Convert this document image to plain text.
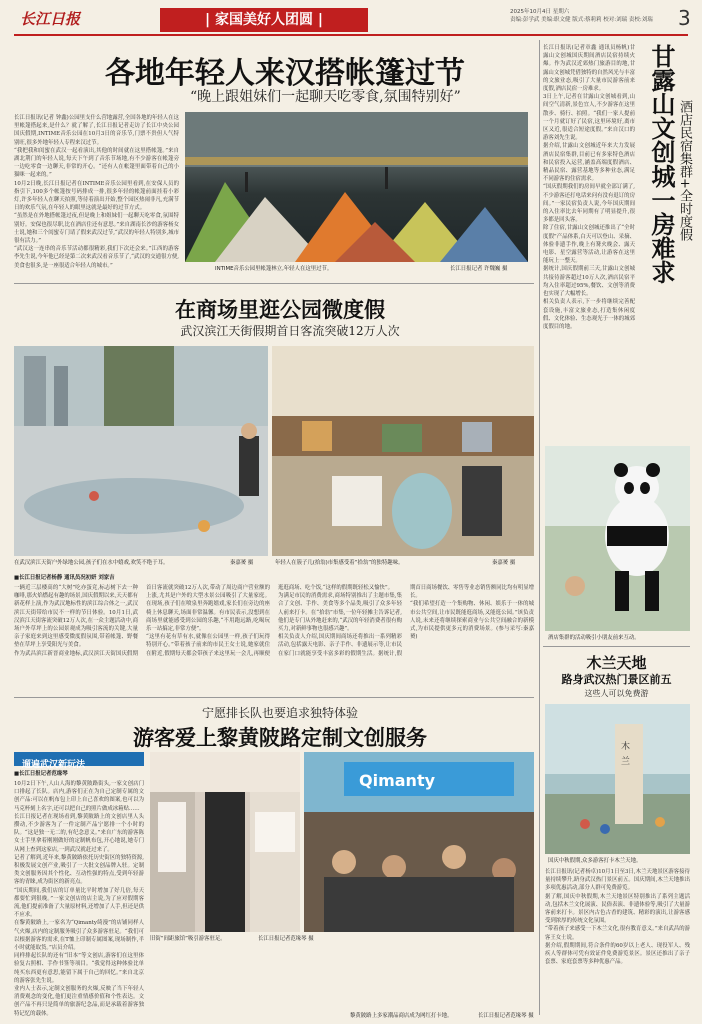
长江日报	| 家国美好人团圆 |	2025年10月4日 星期六
责编:彭学武 美编:职文健 版式:蔡莉莉 校对:刘瑞 责校:刘瑞	3
各地年轻人来汉搭帐篷过节
“晚上跟姐妹们一起聊天吃零食,氛围特别好”
长江日报讯(记者 钟鑫)公园里支什么营地露营,全国各地的年轻人在这里帐篷搭起来,是什么？就了解了,长江日报记者走访了长江中央公园国庆假期,INTIME音乐公园在10月3日的音乐节,门票不贵但人气特别旺,很多外地年轻人专程来汉过节。
“我把我和闺蜜在武汉一起看演出,其他的时间就在这里搭帐篷。”来自湖北荆门的年轻人说,每天下午到了音乐节场地,有不少游客在帐篷旁一边吃零食一边聊天,非常的开心。“还有人在帐篷里面带着自己的小猫咪一起来的。”
10月2日晚,长江日报记者在INTIME音乐公园里看到,在安保人员的指引下,100多个帐篷按号码排成一排,很多年轻的帐篷前面挂着小彩灯,许多年轻人在聊天拍照,等待着演出开始,整个园区热闹非凡,充满节日的欢乐气氛,在年轻人的眼里这就是最好的过节方式。
“虽然是在外地搭帐篷过夜,但是晚上和姐妹们一起聊天吃零食,氛围特别好。安保也很尽职,比在酒店住还有意思。”来自湖南长沙的游客杨女士说,她和三个闺蜜专门请了假来武汉过节,“武汉的年轻人特别多,城市很有活力。”
“武汉这一连串的音乐节活动都很精彩,我们下次还会来。”江西的游客李先生说,今年他已经是第二次来武汉看音乐节了,“武汉的交通很方便,美食也很多,是一座很适合年轻人的城市。”
INTIME音乐公园里帐篷林立,年轻人在这里过节。	长江日报记者 许魏巍 摄
在商场里逛公园微度假
武汉滨江天街假期首日客流突破12万人次
在武汉滨江天街户外绿地公园,孩子们在水中嬉戏,欢笑不绝于耳。	秦嘉赟 摄	年轻人在簇子几(拾翁)市集感受着“拾翁”的独特趣味。	秦嘉赟 摄
■长江日报记者杨静 通讯员况初妍 刘家吉
一辆近三层楼高的“大树”吃亦蛋竞,标志树下去一种咖啡,那火焰燃起有趣的场景,国庆假期以来,天天都有新花样上演,作为武汉地标性的滨江综合体之一,武汉滨江天街带给市民不一样的节日体验。10月1日,武汉滨江天街客流突破12万人次,在一众主题活动中,商场户外草坪上的公园景观成为吸引客流的关键,大量亲子家庭来到这里感受微度假氛围,带着帐篷、野餐垫在草坪上享受阳光与美食。
作为武昌滨江新晋商业地标,武汉滨江天街国庆假期首日客流就突破12万人次,带动了周边商户营业额的上涨,尤其是户外的大型水景公园吸引了大量家庭。在现场,孩子们在喷泉里奔跑嬉戏,家长们在旁边的座椅上休息聊天,场面非常温馨。有市民表示,没想到在商场里就能感受到公园的乐趣,“不用跑远路,吃喝玩乐一站搞定,非常方便”。
“这里有花有草有水,就像在公园里一样,孩子们玩得特别开心。”带着孩子前来的市民王女士说,她家就住在附近,假期每天都会带孩子来这里玩一会儿,再顺便逛逛商场、吃个饭,“这样的假期既轻松又愉快”。
为满足市民的消费需求,商场特别推出了主题市集,集合了文创、手作、美食等多个品类,吸引了众多年轻人前来打卡。在“拾翁”市集,一位年轻摊主告诉记者,他们是专门从外地赶来的,“武汉的年轻消费者很有购买力,对新鲜事物也很感兴趣”。
相关负责人介绍,国庆期间商场还将推出一系列精彩活动,包括露天电影、亲子手作、非遗展示等,让市民在家门口就能享受丰富多彩的假期生活。据统计,假期首日商场餐饮、零售等业态销售额同比均有明显增长。
“我们希望打造一个集购物、休闲、娱乐于一体的城市公共空间,让市民既能逛商场,又能逛公园。”该负责人说,未来还将继续探索商业与公共空间融合的新模式,为市民提供更多元的消费场景。(参与采写:秦嘉赟)
宁愿排长队也要追求独特体验
游客爱上黎黄陂路定制文创服务
遛遍武汉新玩法
■长江日报记者范缘琴
10月2日下午,人山人海的黎黄陂路街头,一家文创店门口排起了长队。店内,游客们正在为自己定制专属的文创产品:可以在帆布包上印上自己喜欢的图案,也可以为马克杯刻上名字,还可以把自己的照片做成冰箱贴……
长江日报记者在现场看到,黎黄陂路上的文创店里人头攒动,不少游客为了一件定制产品宁愿排一个小时的队。“这是独一无二的,有纪念意义。”来自广东的游客陈女士手里拿着刚刚做好的定制帆布包,开心地说,她专门从网上查到这家店,一到武汉就赶过来了。
记者了解到,近年来,黎黄陂路依托历史街区的独特资源,积极发展文创产业,吸引了一大批文创品牌入驻。定制类文创服务因其个性化、互动性强的特点,受到年轻游客的青睐,成为街区的新亮点。
“国庆期间,我们店的订单量比平时增加了好几倍,每天都要忙到很晚。”一家文创店的店主说,为了应对假期客流,他们提前准备了大量原材料,还增加了人手,但还是供不应求。
在黎黄陂路上,一家名为“Qimanty绮漫”的店铺同样人气火爆,店内的定制服务吸引了众多游客驻足。“我们可以根据游客的需求,在T恤上印制专属图案,现场制作,半小时就能取货。”店员介绍。
同样排起长队的还有“旧本”等文创店,游客们在这里体验复古照相、手作书签等项目。“我觉得这种体验比单纯买东西更有意思,能留下属于自己的回忆。”来自北京的游客张先生说。
业内人士表示,定制文创服务的火爆,反映了当下年轻人消费观念的变化,他们更注重情感价值和个性表达。文创产品不再只是简单的旅游纪念品,而是承载着游客独特记忆的载体。
Qimanty
旧街“间距旅馆”吸引游客驻足。	长江日报记者范缘琴 摄
黎黄陂路上多家潮品商店成为网红打卡地。	长江日报记者范缘琴 摄
长江日报讯(记者章鑫 通讯员杨帆)甘露山文创城国庆期间酒店民宿持续火爆。作为武汉近郊热门旅游目的地,甘露山文创城凭借独特的自然风光与丰富的文旅业态,吸引了大量市民游客前来度假,酒店民宿一房难求。
3日上午,记者在甘露山文创城看到,山间空气清新,景色宜人,不少游客在这里散步、骑行、拍照。“我们一家人提前一个月就订好了民宿,这里环境好,离市区又近,很适合短途度假。”来自汉口的游客刘先生说。
据介绍,甘露山文创城近年来大力发展酒店民宿集群,目前已有多家特色酒店和民宿投入运营,涵盖高端度假酒店、精品民宿、露营基地等多种业态,满足不同游客的住宿需求。
“国庆假期我们的房间早就全部订满了,不少游客还打电话来问有没有退订的房间。”一家民宿负责人说,今年国庆期间的入住率比去年同期有了明显提升,很多都是回头客。
除了住宿,甘露山文创城还推出了“全时度假”产品体系,白天可以登山、采摘、体验非遗手作,晚上有篝火晚会、露天电影、星空露营等活动,让游客在这里能玩上一整天。
据统计,国庆假期前三天,甘露山文创城共接待游客超过10万人次,酒店民宿平均入住率超过95%,餐饮、文创等消费也实现了大幅增长。
相关负责人表示,下一步将继续完善配套设施,丰富文旅业态,打造集休闲度假、文化体验、生态观光于一体的城郊度假目的地。
甘露山文创城一房难求 酒店民宿集群+全时度假
酒店集群的活动吸引小朋友前来互动。
木兰天地
路身武汉热门景区前五
这些人可以免费游
木
兰
国庆中秋假期,众多游客打卡木兰天地。
长江日报讯(记者杨卓)10月1日至3日,木兰天地景区游客接待量持续攀升,跻身武汉热门景区前五。国庆期间,木兰天地推出多项优惠活动,部分人群可免费游览。
据了解,国庆中秋假期,木兰天地景区特别推出了系列主题活动,包括木兰文化展演、民俗表演、非遗体验等,吸引了大量游客前来打卡。景区内古色古香的建筑、精彩的演出,让游客感受到浓厚的传统文化氛围。
“带着孩子来感受一下木兰文化,很有教育意义。”来自武昌的游客王女士说。
据介绍,假期期间,符合条件的60岁以上老人、现役军人、残疾人等群体可凭有效证件免费游览景区。景区还推出了亲子套票、家庭套票等多种优惠产品。
